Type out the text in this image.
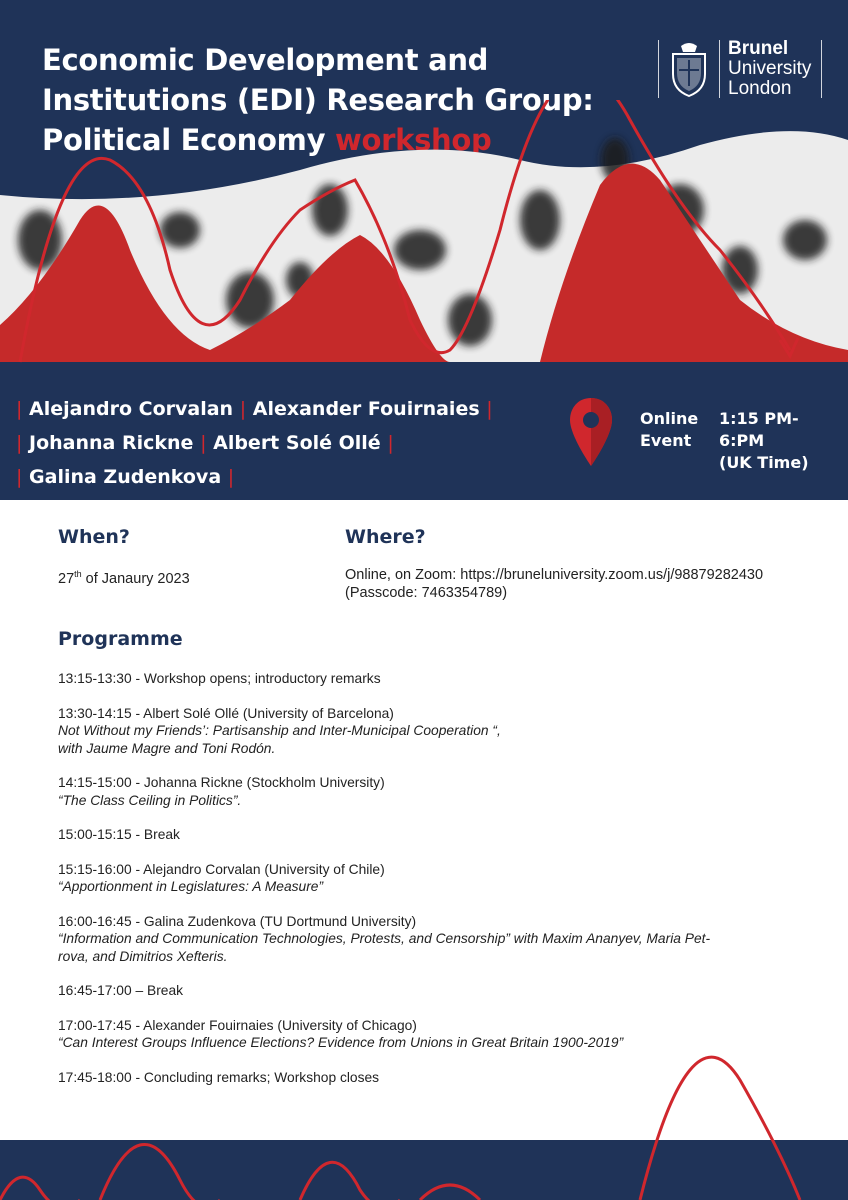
Economic Development and
Institutions (EDI) Research Group:
Political Economy workshop
Brunel
University
London
| Alejandro Corvalan | Alexander Fouirnaies |
| Johanna Rickne | Albert Solé Ollé |
| Galina Zudenkova |
Online
Event
1:15 PM-
6:PM
(UK Time)
When?	Where?
27th of Janaury 2023	Online, on Zoom: https://bruneluniversity.zoom.us/j/98879282430
(Passcode: 7463354789)
Programme
13:15-13:30 - Workshop opens; introductory remarks
13:30-14:15 - Albert Solé Ollé (University of Barcelona)
Not Without my Friends’: Partisanship and Inter-Municipal Cooperation “,
with Jaume Magre and Toni Rodón.
14:15-15:00 - Johanna Rickne (Stockholm University)
“The Class Ceiling in Politics”.
15:00-15:15 - Break
15:15-16:00 - Alejandro Corvalan (University of Chile)
“Apportionment in Legislatures: A Measure”
16:00-16:45 - Galina Zudenkova (TU Dortmund University)
“Information and Communication Technologies, Protests, and Censorship” with Maxim Ananyev, Maria Pet-
rova, and Dimitrios Xefteris.
16:45-17:00 – Break
17:00-17:45 - Alexander Fouirnaies (University of Chicago)
“Can Interest Groups Influence Elections? Evidence from Unions in Great Britain 1900-2019”
17:45-18:00 - Concluding remarks; Workshop closes
